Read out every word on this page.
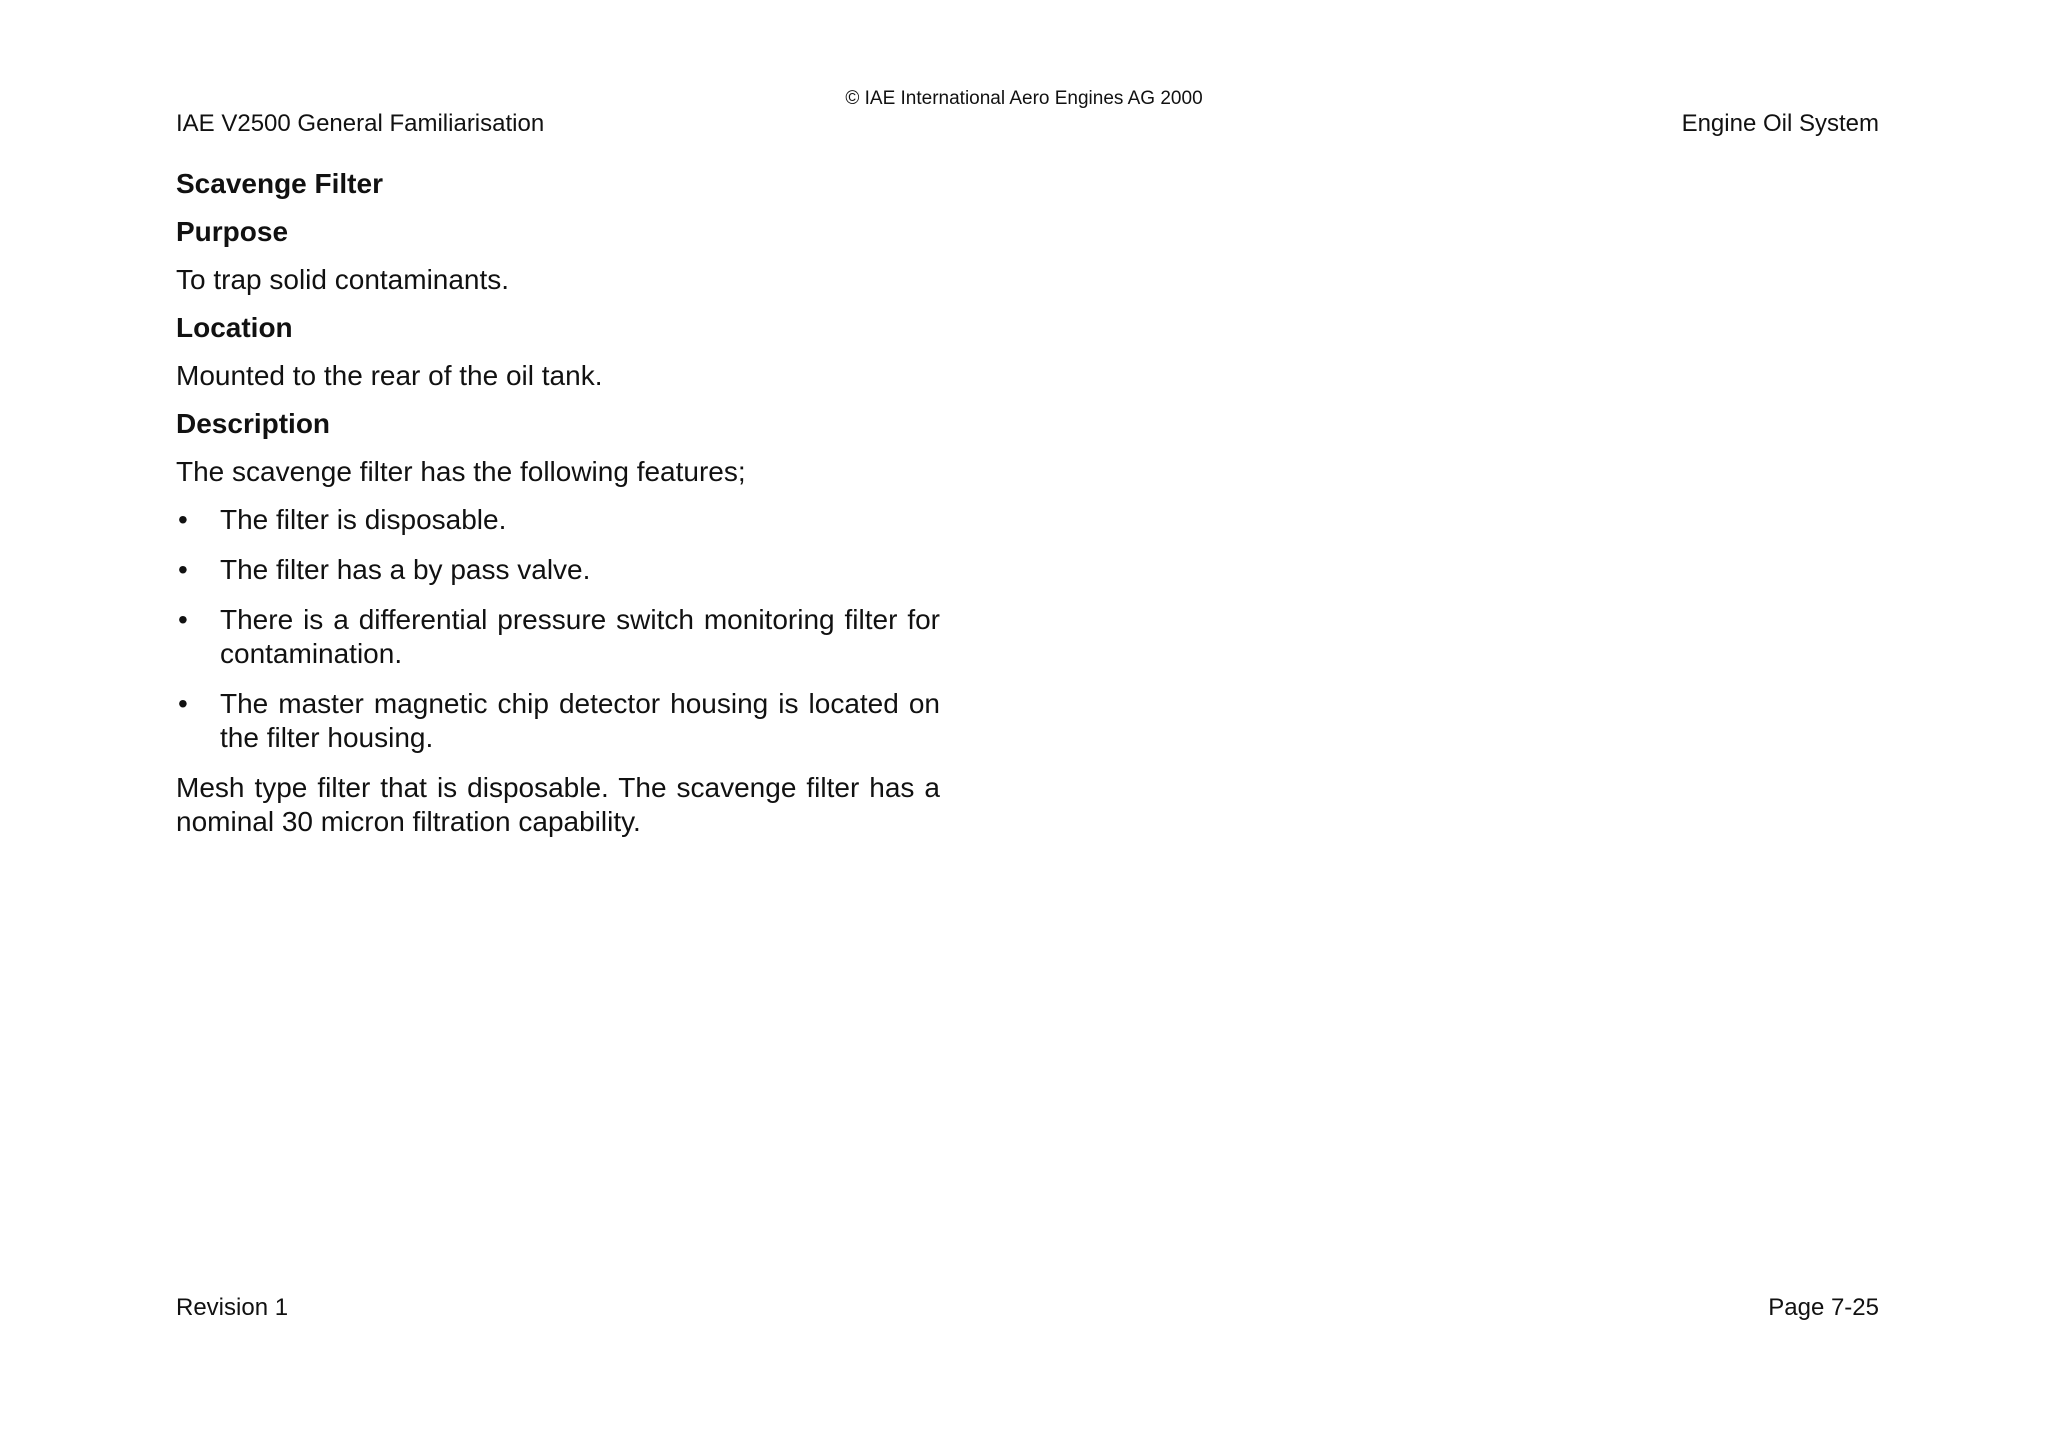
© IAE International Aero Engines AG 2000
IAE V2500 General Familiarisation	Engine Oil System
Scavenge Filter
Purpose

To trap solid contaminants.

Location

Mounted to the rear of the oil tank.

Description

The scavenge filter has the following features;

• The filter is disposable.
• The filter has a by pass valve.
• There is a differential pressure switch monitoring filter for contamination.
• The master magnetic chip detector housing is located on the filter housing.

Mesh type filter that is disposable. The scavenge filter has a nominal 30 micron filtration capability.

Revision 1	Page 7-25
